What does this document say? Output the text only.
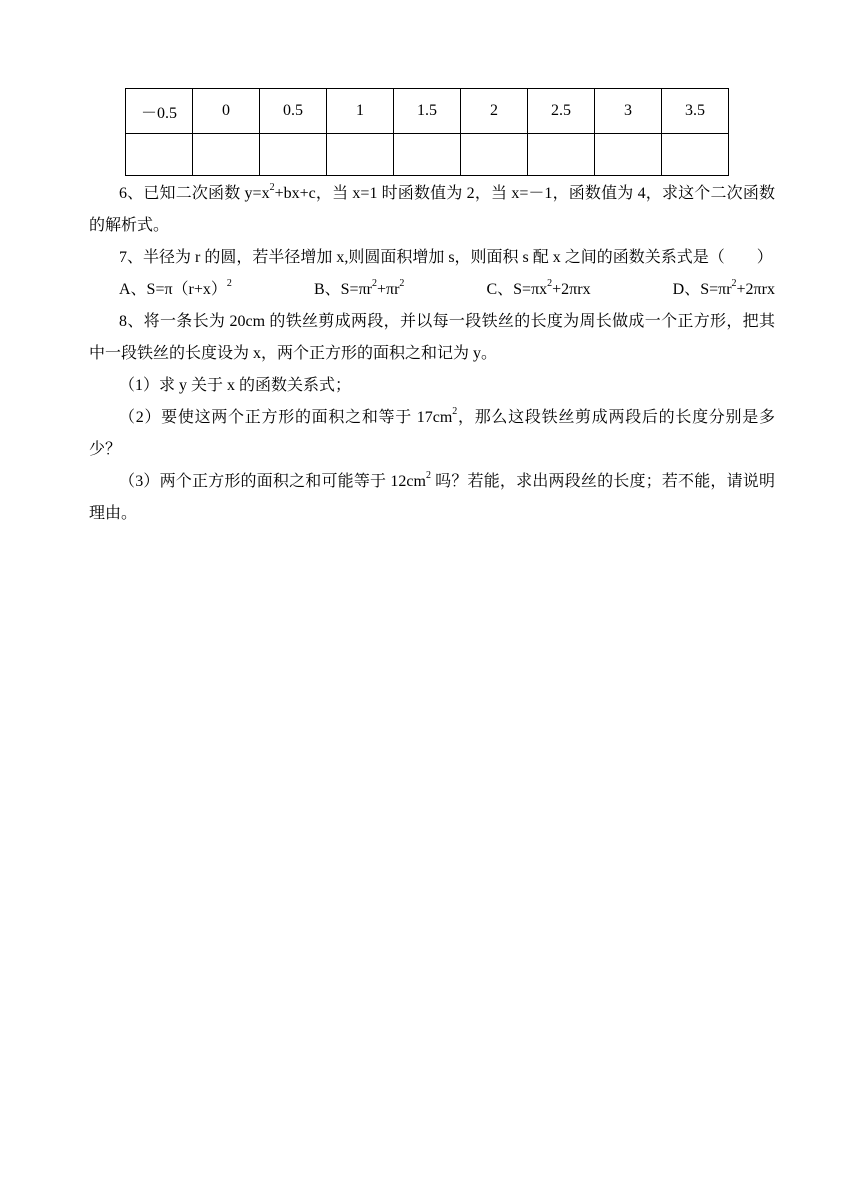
－0.5	0	0.5	1	1.5	2	2.5	3	3.5

6、已知二次函数 $y=x^2+bx+c$，当 x=1 时函数值为 2，当 x=－1，函数值为 4，求这个二次函数的解析式。

7、半径为 r 的圆，若半径增加 x,则圆面积增加 s，则面积 s 配 x 之间的函数关系式是（　　）

A、$S=\pi(r+x)^2$	B、$S=\pi r^2+\pi r^2$	C、$S=\pi x^2+2\pi rx$	D、$S=\pi r^2+2\pi rx$

8、将一条长为 20cm 的铁丝剪成两段，并以每一段铁丝的长度为周长做成一个正方形，把其中一段铁丝的长度设为 x，两个正方形的面积之和记为 y。

（1）求 y 关于 x 的函数关系式；

（2）要使这两个正方形的面积之和等于 $17cm^2$，那么这段铁丝剪成两段后的长度分别是多少？

（3）两个正方形的面积之和可能等于 $12cm^2$ 吗？若能，求出两段丝的长度；若不能，请说明理由。
